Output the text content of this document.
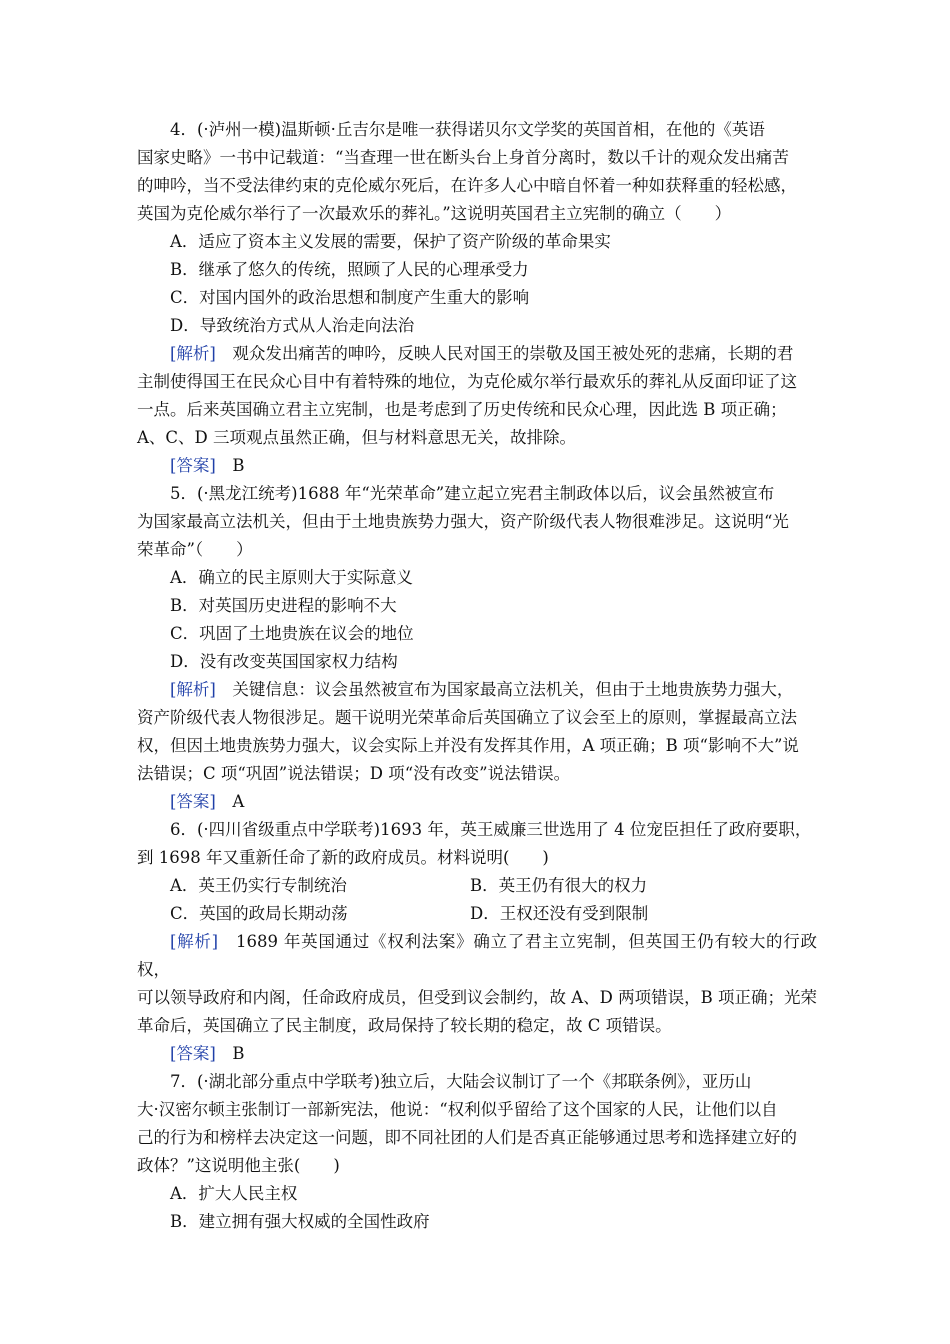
4．(·泸州一模)温斯顿·丘吉尔是唯一获得诺贝尔文学奖的英国首相，在他的《英语

国家史略》一书中记载道：“当查理一世在断头台上身首分离时，数以千计的观众发出痛苦

的呻吟，当不受法律约束的克伦威尔死后，在许多人心中暗自怀着一种如获释重的轻松感，

英国为克伦威尔举行了一次最欢乐的葬礼。”这说明英国君主立宪制的确立（　　）

A．适应了资本主义发展的需要，保护了资产阶级的革命果实

B．继承了悠久的传统，照顾了人民的心理承受力

C．对国内国外的政治思想和制度产生重大的影响

D．导致统治方式从人治走向法治

[解析]　观众发出痛苦的呻吟，反映人民对国王的崇敬及国王被处死的悲痛，长期的君

主制使得国王在民众心目中有着特殊的地位，为克伦威尔举行最欢乐的葬礼从反面印证了这

一点。后来英国确立君主立宪制，也是考虑到了历史传统和民众心理，因此选 B 项正确；

A、C、D 三项观点虽然正确，但与材料意思无关，故排除。

[答案]　B

5．(·黑龙江统考)1688 年“光荣革命”建立起立宪君主制政体以后，议会虽然被宣布

为国家最高立法机关，但由于土地贵族势力强大，资产阶级代表人物很难涉足。这说明“光

荣革命”（　　）

A．确立的民主原则大于实际意义

B．对英国历史进程的影响不大

C．巩固了土地贵族在议会的地位

D．没有改变英国国家权力结构

[解析]　关键信息：议会虽然被宣布为国家最高立法机关，但由于土地贵族势力强大，

资产阶级代表人物很涉足。题干说明光荣革命后英国确立了议会至上的原则，掌握最高立法

权，但因土地贵族势力强大，议会实际上并没有发挥其作用，A 项正确；B 项“影响不大”说

法错误；C 项“巩固”说法错误；D 项“没有改变”说法错误。

[答案]　A

6．(·四川省级重点中学联考)1693 年，英王威廉三世选用了 4 位宠臣担任了政府要职，

到 1698 年又重新任命了新的政府成员。材料说明(　　)

A．英王仍实行专制统治	B．英王仍有很大的权力
C．英国的政局长期动荡	D．王权还没有受到限制

[解析]　1689 年英国通过《权利法案》确立了君主立宪制，但英国王仍有较大的行政权，

可以领导政府和内阁，任命政府成员，但受到议会制约，故 A、D 两项错误，B 项正确；光荣

革命后，英国确立了民主制度，政局保持了较长期的稳定，故 C 项错误。

[答案]　B

7．(·湖北部分重点中学联考)独立后，大陆会议制订了一个《邦联条例》，亚历山

大·汉密尔顿主张制订一部新宪法，他说：“权利似乎留给了这个国家的人民，让他们以自

己的行为和榜样去决定这一问题，即不同社团的人们是否真正能够通过思考和选择建立好的

政体？”这说明他主张(　　)

A．扩大人民主权

B．建立拥有强大权威的全国性政府
